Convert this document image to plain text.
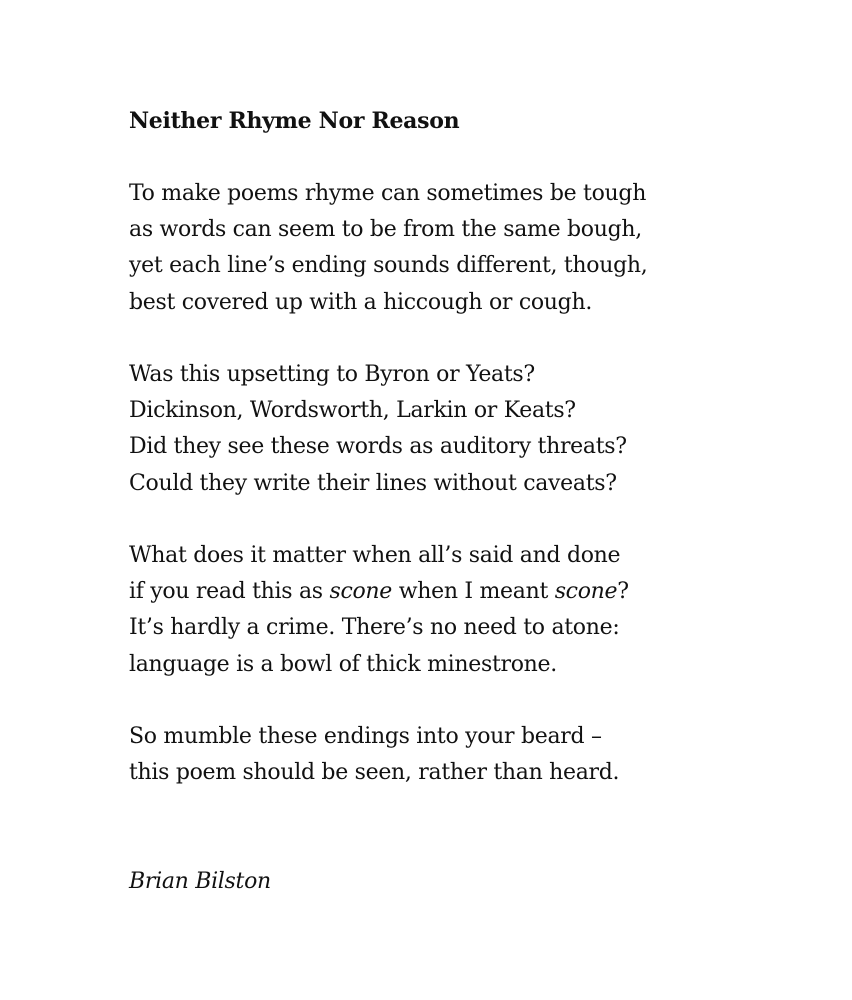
Neither Rhyme Nor Reason
To make poems rhyme can sometimes be tough
as words can seem to be from the same bough,
yet each line’s ending sounds different, though,
best covered up with a hiccough or cough.
Was this upsetting to Byron or Yeats?
Dickinson, Wordsworth, Larkin or Keats?
Did they see these words as auditory threats?
Could they write their lines without caveats?
What does it matter when all’s said and done
if you read this as scone when I meant scone?
It’s hardly a crime. There’s no need to atone:
language is a bowl of thick minestrone.
So mumble these endings into your beard –
this poem should be seen, rather than heard.
Brian Bilston
